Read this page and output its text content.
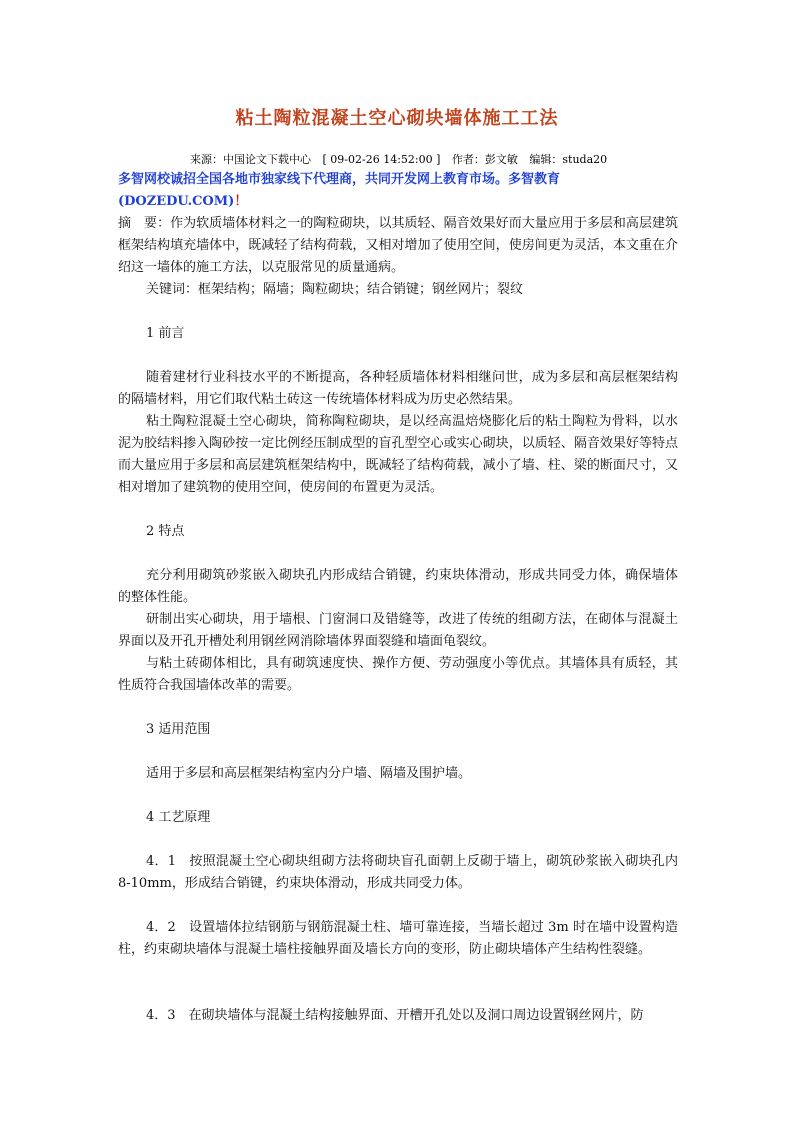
粘土陶粒混凝土空心砌块墙体施工工法
来源：中国论文下载中心 [ 09-02-26 14:52:00 ] 作者：彭文敏 编辑：studa20
多智网校诚招全国各地市独家线下代理商，共同开发网上教育市场。多智教育(DOZEDU.COM)！
摘　要：作为软质墙体材料之一的陶粒砌块，以其质轻、隔音效果好而大量应用于多层和高层建筑框架结构填充墙体中，既减轻了结构荷载，又相对增加了使用空间，使房间更为灵活，本文重在介绍这一墙体的施工方法，以克服常见的质量通病。
关键词：框架结构；隔墙；陶粒砌块；结合销键；钢丝网片；裂纹
1 前言
随着建材行业科技水平的不断提高，各种轻质墙体材料相继问世，成为多层和高层框架结构的隔墙材料，用它们取代粘土砖这一传统墙体材料成为历史必然结果。
粘土陶粒混凝土空心砌块，简称陶粒砌块，是以经高温焙烧膨化后的粘土陶粒为骨料，以水泥为胶结料掺入陶砂按一定比例经压制成型的盲孔型空心或实心砌块，以质轻、隔音效果好等特点而大量应用于多层和高层建筑框架结构中，既减轻了结构荷载，减小了墙、柱、梁的断面尺寸，又相对增加了建筑物的使用空间，使房间的布置更为灵活。
2 特点
充分利用砌筑砂浆嵌入砌块孔内形成结合销键，约束块体滑动，形成共同受力体，确保墙体的整体性能。
研制出实心砌块，用于墙根、门窗洞口及错缝等，改进了传统的组砌方法，在砌体与混凝土界面以及开孔开槽处利用钢丝网消除墙体界面裂缝和墙面龟裂纹。
与粘土砖砌体相比，具有砌筑速度快、操作方便、劳动强度小等优点。其墙体具有质轻，其性质符合我国墙体改革的需要。
3 适用范围
适用于多层和高层框架结构室内分户墙、隔墙及围护墙。
4 工艺原理
4．1　按照混凝土空心砌块组砌方法将砌块盲孔面朝上反砌于墙上，砌筑砂浆嵌入砌块孔内 8-10mm，形成结合销键，约束块体滑动，形成共同受力体。
4．2　设置墙体拉结钢筋与钢筋混凝土柱、墙可靠连接，当墙长超过 3m 时在墙中设置构造柱，约束砌块墙体与混凝土墙柱接触界面及墙长方向的变形，防止砌块墙体产生结构性裂缝。
4．3　在砌块墙体与混凝土结构接触界面、开槽开孔处以及洞口周边设置钢丝网片，防
